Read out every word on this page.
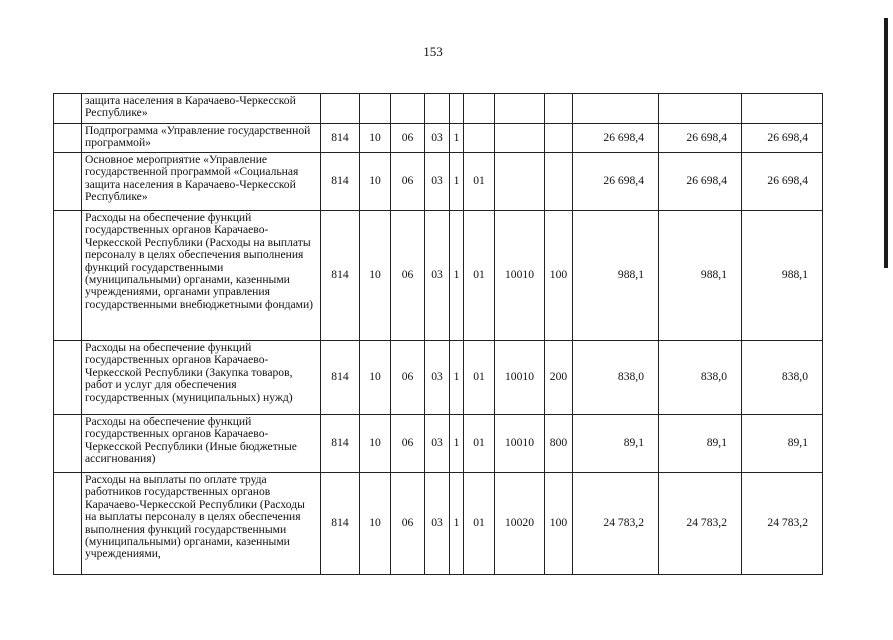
153
	защита населения в Карачаево-Черкесской Республике»											
	Подпрограмма «Управление государственной программой»	814	10	06	03	1				26 698,4	26 698,4	26 698,4
	Основное мероприятие «Управление государственной программой «Социальная защита населения в Карачаево-Черкесской Республике»	814	10	06	03	1	01			26 698,4	26 698,4	26 698,4
	Расходы на обеспечение функций государственных органов Карачаево-Черкесской Республики (Расходы на выплаты персоналу в целях обеспечения выполнения функций государственными (муниципальными) органами, казенными учреждениями, органами управления государственными внебюджетными фондами)	814	10	06	03	1	01	10010	100	988,1	988,1	988,1
	Расходы на обеспечение функций государственных органов Карачаево-Черкесской Республики (Закупка товаров, работ и услуг для обеспечения государственных (муниципальных) нужд)	814	10	06	03	1	01	10010	200	838,0	838,0	838,0
	Расходы на обеспечение функций государственных органов Карачаево-Черкесской Республики (Иные бюджетные ассигнования)	814	10	06	03	1	01	10010	800	89,1	89,1	89,1
	Расходы на выплаты по оплате труда работников государственных органов Карачаево-Черкесской Республики (Расходы на выплаты персоналу в целях обеспечения выполнения функций государственными (муниципальными) органами, казенными учреждениями,	814	10	06	03	1	01	10020	100	24 783,2	24 783,2	24 783,2
